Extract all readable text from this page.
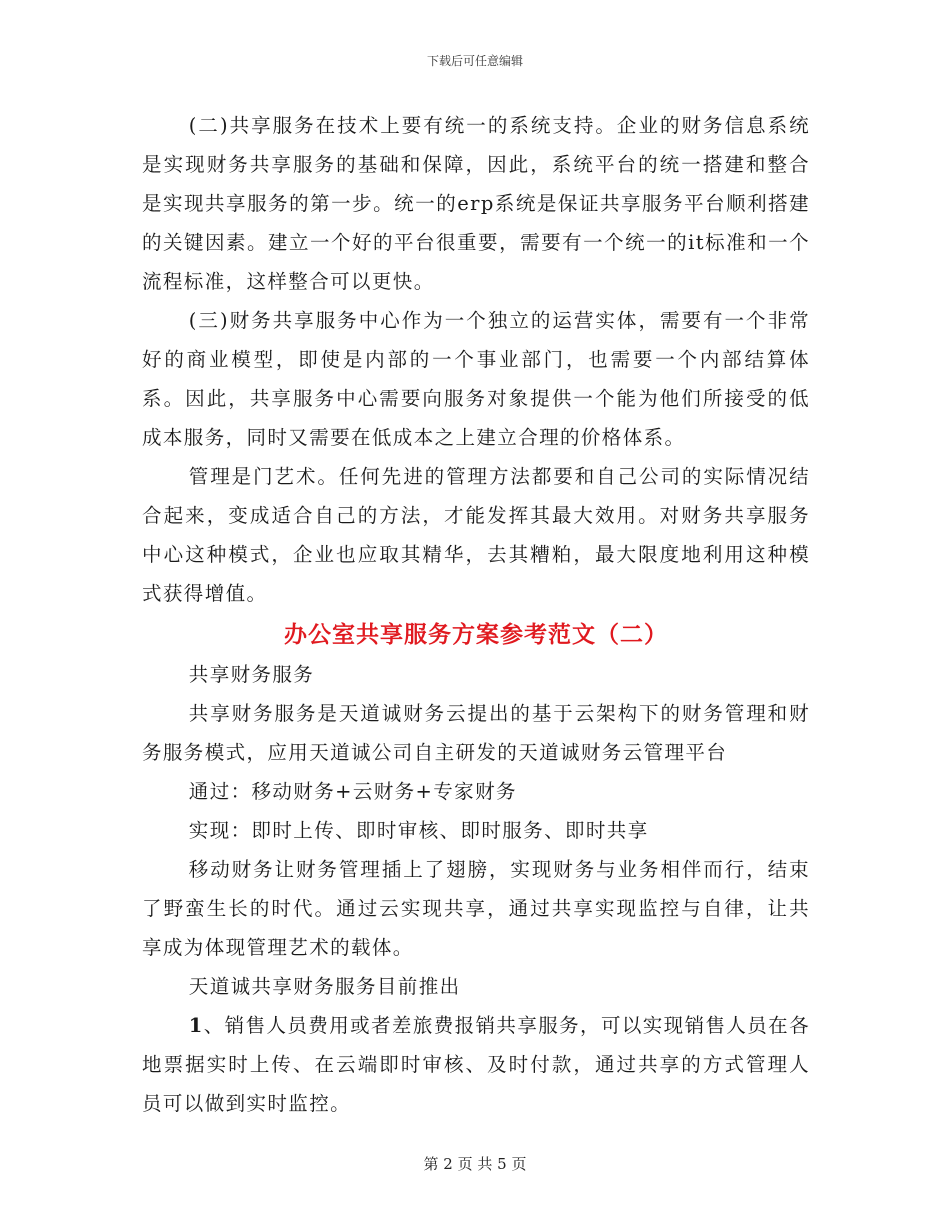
下载后可任意编辑

(二)共享服务在技术上要有统一的系统支持。企业的财务信息系统是实现财务共享服务的基础和保障，因此，系统平台的统一搭建和整合是实现共享服务的第一步。统一的erp系统是保证共享服务平台顺利搭建的关键因素。建立一个好的平台很重要，需要有一个统一的it标准和一个流程标准，这样整合可以更快。

(三)财务共享服务中心作为一个独立的运营实体，需要有一个非常好的商业模型，即使是内部的一个事业部门，也需要一个内部结算体系。因此，共享服务中心需要向服务对象提供一个能为他们所接受的低成本服务，同时又需要在低成本之上建立合理的价格体系。

管理是门艺术。任何先进的管理方法都要和自己公司的实际情况结合起来，变成适合自己的方法，才能发挥其最大效用。对财务共享服务中心这种模式，企业也应取其精华，去其糟粕，最大限度地利用这种模式获得增值。

办公室共享服务方案参考范文（二）

共享财务服务

共享财务服务是天道诚财务云提出的基于云架构下的财务管理和财务服务模式，应用天道诚公司自主研发的天道诚财务云管理平台

通过：移动财务+云财务+专家财务

实现：即时上传、即时审核、即时服务、即时共享

移动财务让财务管理插上了翅膀，实现财务与业务相伴而行，结束了野蛮生长的时代。通过云实现共享，通过共享实现监控与自律，让共享成为体现管理艺术的载体。

天道诚共享财务服务目前推出

1、销售人员费用或者差旅费报销共享服务，可以实现销售人员在各地票据实时上传、在云端即时审核、及时付款，通过共享的方式管理人员可以做到实时监控。

第 2 页 共 5 页
